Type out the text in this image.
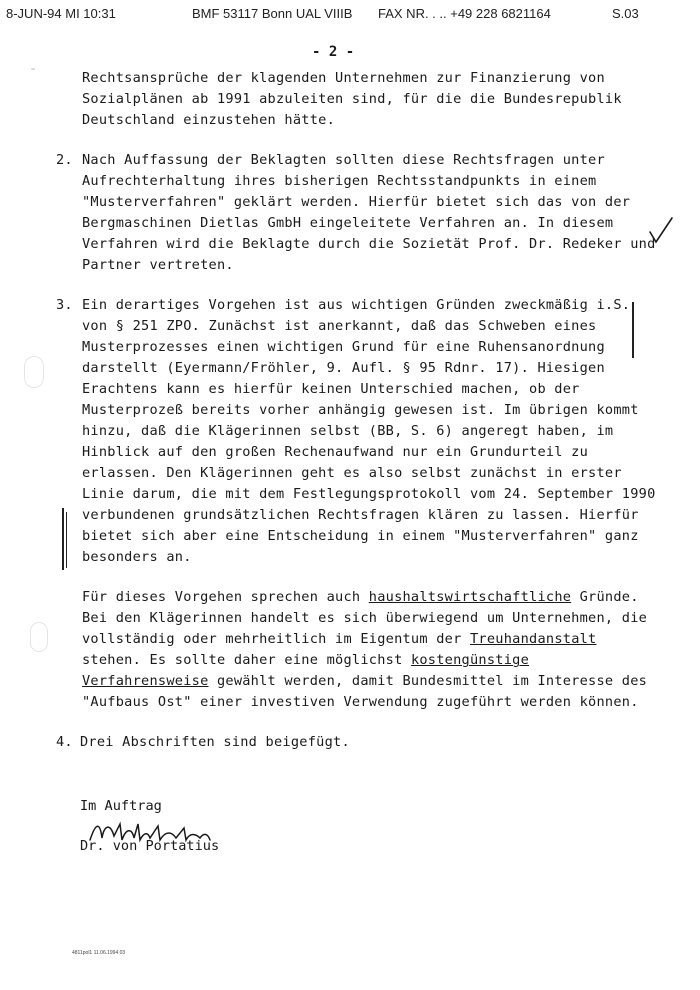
8-JUN-94 MI 10:31	BMF 53117 Bonn UAL VIIIB FAX NR. . .. +49 228 6821164	S.03
- 2 -
¨	Rechtsansprüche der klagenden Unternehmen zur Finanzierung von Sozialplänen ab 1991 abzuleiten sind, für die die Bundesrepublik Deutschland einzustehen hätte.

2. Nach Auffassung der Beklagten sollten diese Rechtsfragen unter Aufrechterhaltung ihres bisherigen Rechtsstandpunkts in einem "Musterverfahren" geklärt werden. Hierfür bietet sich das von der Bergmaschinen Dietlas GmbH eingeleitete Verfahren an. In diesem Verfahren wird die Beklagte durch die Sozietät Prof. Dr. Redeker und Partner vertreten.

3. Ein derartiges Vorgehen ist aus wichtigen Gründen zweckmäßig i.S. von § 251 ZPO. Zunächst ist anerkannt, daß das Schweben eines Musterprozesses einen wichtigen Grund für eine Ruhensanordnung darstellt (Eyermann/Fröhler, 9. Aufl. § 95 Rdnr. 17). Hiesigen Erachtens kann es hierfür keinen Unterschied machen, ob der Musterprozeß bereits vorher anhängig gewesen ist. Im übrigen kommt hinzu, daß die Klägerinnen selbst (BB, S. 6) angeregt haben, im Hinblick auf den großen Rechenaufwand nur ein Grundurteil zu erlassen. Den Klägerinnen geht es also selbst zunächst in erster Linie darum, die mit dem Festlegungsprotokoll vom 24. September 1990 verbundenen grundsätzlichen Rechtsfragen klären zu lassen. Hierfür bietet sich aber eine Entscheidung in einem "Musterverfahren" ganz besonders an.

Für dieses Vorgehen sprechen auch haushaltswirtschaftliche Gründe. Bei den Klägerinnen handelt es sich überwiegend um Unternehmen, die vollständig oder mehrheitlich im Eigentum der Treuhandanstalt stehen. Es sollte daher eine möglichst kostengünstige Verfahrensweise gewählt werden, damit Bundesmittel im Interesse des "Aufbaus Ost" einer investiven Verwendung zugeführt werden können.

4. Drei Abschriften sind beigefügt.

Im Auftrag
Dr. von Portatius
4811pol1 11.06.1994 03
